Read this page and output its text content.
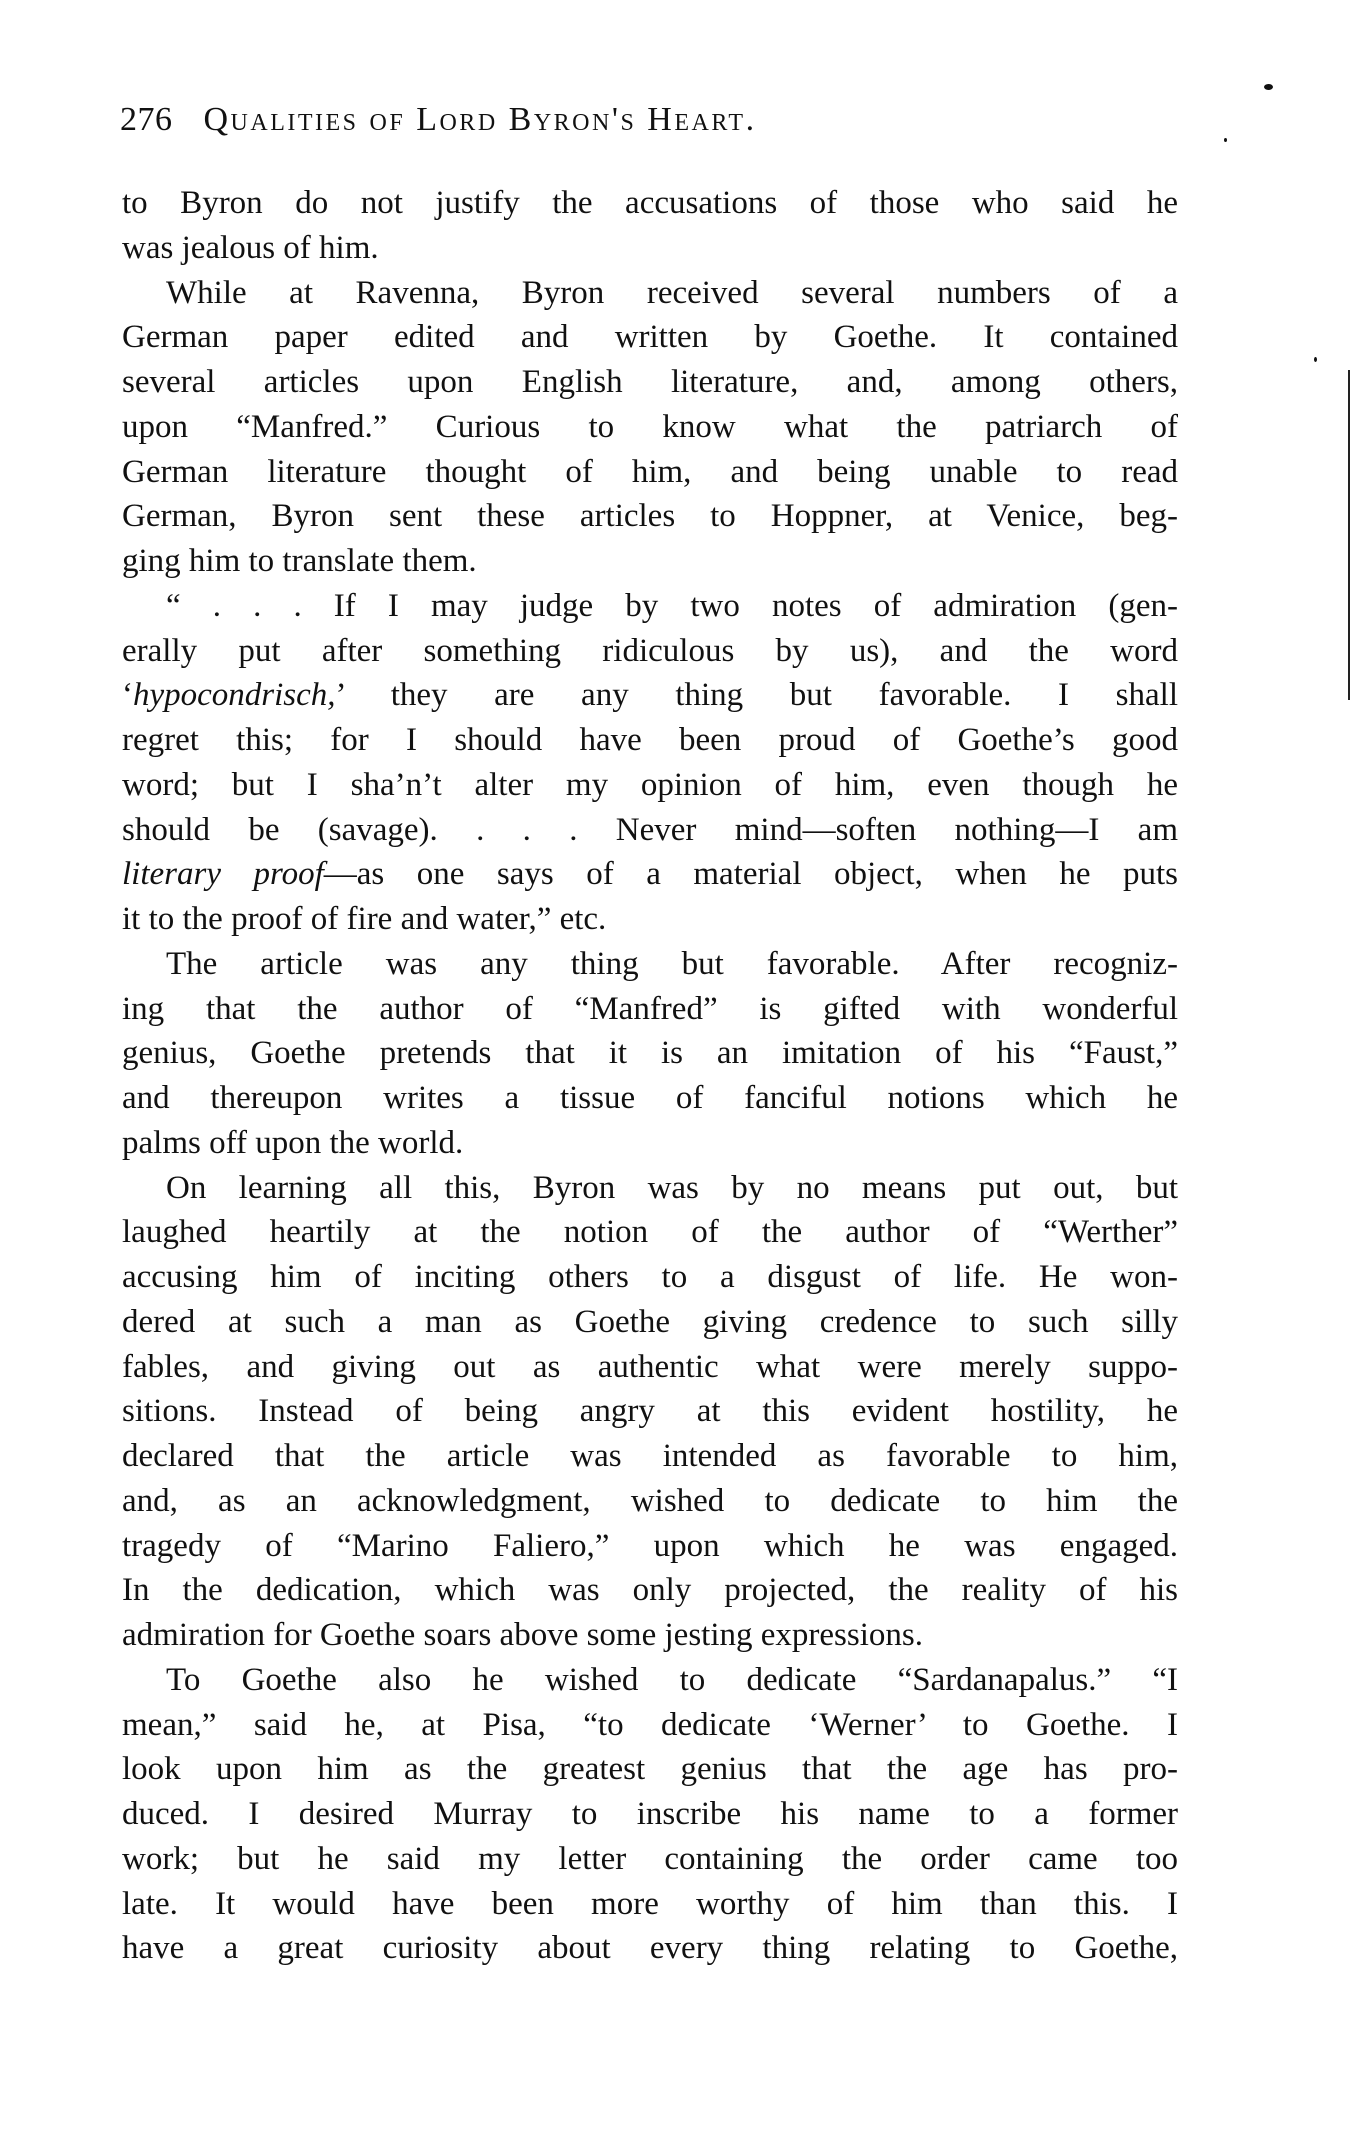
276 Qualities of Lord Byron's Heart.
to Byron do not justify the accusations of those who said he
was jealous of him.
While at Ravenna, Byron received several numbers of a
German paper edited and written by Goethe. It contained
several articles upon English literature, and, among others,
upon “Manfred.” Curious to know what the patriarch of
German literature thought of him, and being unable to read
German, Byron sent these articles to Hoppner, at Venice, beg-
ging him to translate them.
“ . . . If I may judge by two notes of admiration (gen-
erally put after something ridiculous by us), and the word
‘hypocondrisch,’ they are any thing but favorable. I shall
regret this; for I should have been proud of Goethe’s good
word; but I sha’n’t alter my opinion of him, even though he
should be (savage). . . . Never mind—soften nothing—I am
literary proof—as one says of a material object, when he puts
it to the proof of fire and water,” etc.
The article was any thing but favorable. After recogniz-
ing that the author of “Manfred” is gifted with wonderful
genius, Goethe pretends that it is an imitation of his “Faust,”
and thereupon writes a tissue of fanciful notions which he
palms off upon the world.
On learning all this, Byron was by no means put out, but
laughed heartily at the notion of the author of “Werther”
accusing him of inciting others to a disgust of life. He won-
dered at such a man as Goethe giving credence to such silly
fables, and giving out as authentic what were merely suppo-
sitions. Instead of being angry at this evident hostility, he
declared that the article was intended as favorable to him,
and, as an acknowledgment, wished to dedicate to him the
tragedy of “Marino Faliero,” upon which he was engaged.
In the dedication, which was only projected, the reality of his
admiration for Goethe soars above some jesting expressions.
To Goethe also he wished to dedicate “Sardanapalus.” “I
mean,” said he, at Pisa, “to dedicate ‘Werner’ to Goethe. I
look upon him as the greatest genius that the age has pro-
duced. I desired Murray to inscribe his name to a former
work; but he said my letter containing the order came too
late. It would have been more worthy of him than this. I
have a great curiosity about every thing relating to Goethe,
